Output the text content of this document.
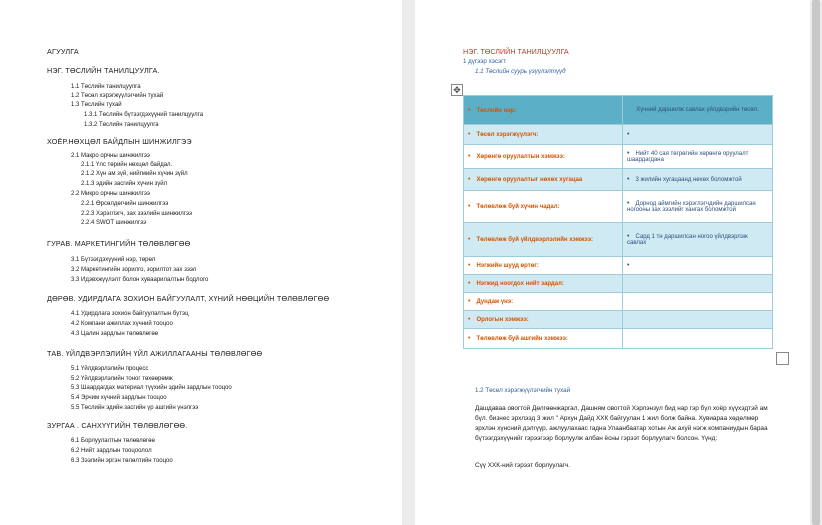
АГУУЛГА
НЭГ. ТӨСЛИЙН ТАНИЛЦУУЛГА.
1.1 Төслийн танилцуулга
1.2 Төсөл хэрэгжүүлэгчийн тухай
1.3 Төслийн тухай
1.3.1 Төслийн бүтээгдэхүүний танилцуулга
1.3.2 Төслийн танилцуулга
ХОЁР.НӨХЦӨЛ БАЙДЛЫН ШИНЖИЛГЭЭ
2.1 Макро орчны шинжилгээ
2.1.1 Үлс төрийн нөхцөл байдал.
2.1.2 Хүн ам зүй, нийгмийн хүчин зүйл
2.1.3 эдийн засгийн хүчин зүйл
2.2 Микро орчны шинжилгээ
2.2.1 Өрсөлдөгчийн шинжилгээ
2.2.3 Хэрэглэгч, зах зээлийн шинжилгээ
2.2.4 SWOT шинжилгээ
ГУРАВ. МАРКЕТИНГИЙН ТӨЛӨВЛӨГӨӨ
3.1 Бүтээгдэхүүний нэр, төрөл
3.2 Маркетингийн зорилго, зорилтот зах зээл
3.3 Идэвхжүүлэлт болон хуваарилалтын бодлого
ДӨРӨВ. УДИРДЛАГА ЗОХИОН БАЙГУУЛАЛТ, ХҮНИЙ НӨӨЦИЙН ТӨЛӨВЛӨГӨӨ
4.1 Удирдлага зохион байгуулалтын бүтэц
4.2 Компани ажиллах хүчний тооцоо
4.3 Цалин зардлын төлөвлөгөө
ТАВ. ҮЙЛДВЭРЛЭЛИЙН ҮЙЛ АЖИЛЛАГААНЫ ТӨЛӨВЛӨГӨӨ
5.1 Үйлдвэрлэлийн процесс
5.2 Үйлдвэрлэлийн тоног төхөөрөмж
5.3 Шаардагдах материал түүхийн эдийн зардлын тооцоо
5.4 Эрчим хүчний зардлын тооцоо
5.5 Төслийн эдийн засгийн үр ашгийн үнэлгээ
ЗУРГАА . САНХҮҮГИЙН ТӨЛӨВЛӨГӨӨ.
6.1 Борлуулалтын төлөвлөгөө
6.2 Нийт зардлын тооцоолол
6.3 Зээлийн эргэн төлөлтийн тооцоо
НЭГ. ТӨСЛИЙН ТАНИЛЦУУЛГА
1 дүгээр хэсэгт
1.1 Төслийн суурь үзүүлэлтүүд
✥
• Төслийн нэр:	Хүчний даршилж савлах үйлдвэрийн төсөл.
• Төсөл хэрэгжүүлэгч:	•
• Хөрөнгө оруулалтын хэмжээ:	• Нийт 40 сая төгрөгийн хөрөнгө оруулалт шаардагдана
• Хөрөнгө оруулалтыг нөхөх хугацаа	• 3 жилийн хугацаанд нөхөх боломжтой
• Төлөвлөж буй хүчин чадал:	• Дорнод аймгийн хэрэглэгчдийн даршилсан ногооны зах зээлийг хангах боломжтой
• Төлөвлөж буй үйлдвэрлэлийн хэмжээ:	• Сард 1 тн даршилсан ногоо үйлдвэрлэж савлах
• Нэгжийн шууд өртөг:	•
• Нэгжид ноогдох нийт зардал:	
• Дундаж үнэ:	
• Орлогын хэмжээ:	
• Төлөвлөж буй ашгийн хэмжээ:	
1.2 Төсөл хэрэгжүүлэгчийн тухай

Дашдаваа овогтой Дөлгөөнжаргал, Дашням овогтой Хэрлэнзул бид нар гэр бүл хоёр хүүхэдтэй ам бүл. бизнес эрхлээд 3 жил " Архун Дайд ХХК байгуулан 1 жил болж байна. Хувиараа хөдөлмөр эрхлэн хүнсний дэлгүүр, ажлуулахаас гадна Улаанбаатар хотын Аж ахуй нэгж компаниудын бараа бүтээгдэхүүнийг гэрээгээр борлуулж албан ёсны гэрээт борлуулагч болсон. Үүнд:

Сүү ХХК-ний гэрээт борлуулагч.
